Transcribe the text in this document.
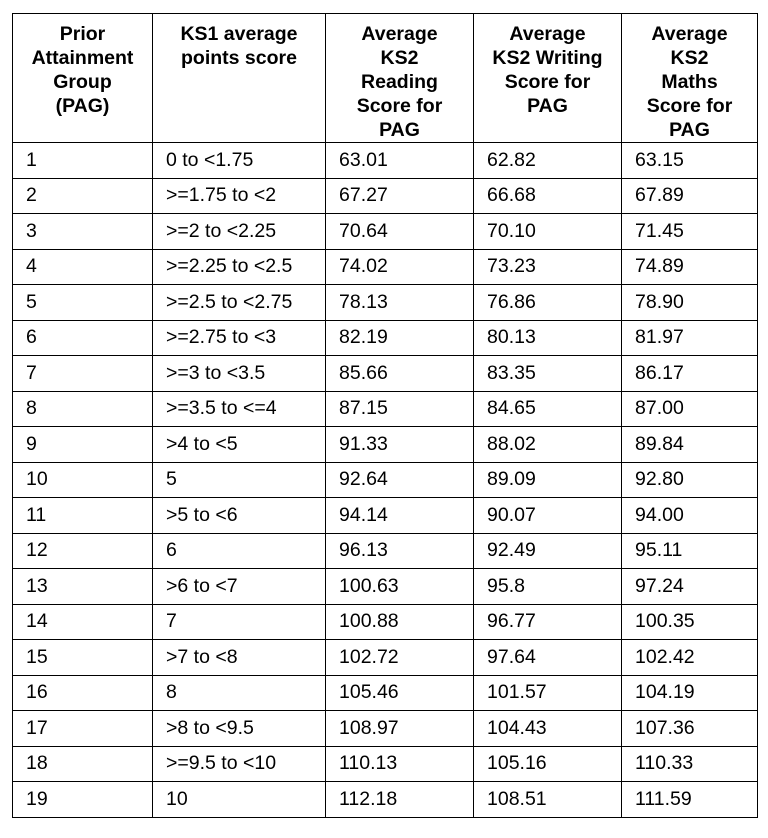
Prior
Attainment
Group
(PAG)	KS1 average
points score	Average
KS2
Reading
Score for
PAG	Average
KS2 Writing
Score for
PAG	Average
KS2
Maths
Score for
PAG
1	0 to <1.75	63.01	62.82	63.15
2	>=1.75 to <2	67.27	66.68	67.89
3	>=2 to <2.25	70.64	70.10	71.45
4	>=2.25 to <2.5	74.02	73.23	74.89
5	>=2.5 to <2.75	78.13	76.86	78.90
6	>=2.75 to <3	82.19	80.13	81.97
7	>=3 to <3.5	85.66	83.35	86.17
8	>=3.5 to <=4	87.15	84.65	87.00
9	>4 to <5	91.33	88.02	89.84
10	5	92.64	89.09	92.80
11	>5 to <6	94.14	90.07	94.00
12	6	96.13	92.49	95.11
13	>6 to <7	100.63	95.8	97.24
14	7	100.88	96.77	100.35
15	>7 to <8	102.72	97.64	102.42
16	8	105.46	101.57	104.19
17	>8 to <9.5	108.97	104.43	107.36
18	>=9.5 to <10	110.13	105.16	110.33
19	10	112.18	108.51	111.59
